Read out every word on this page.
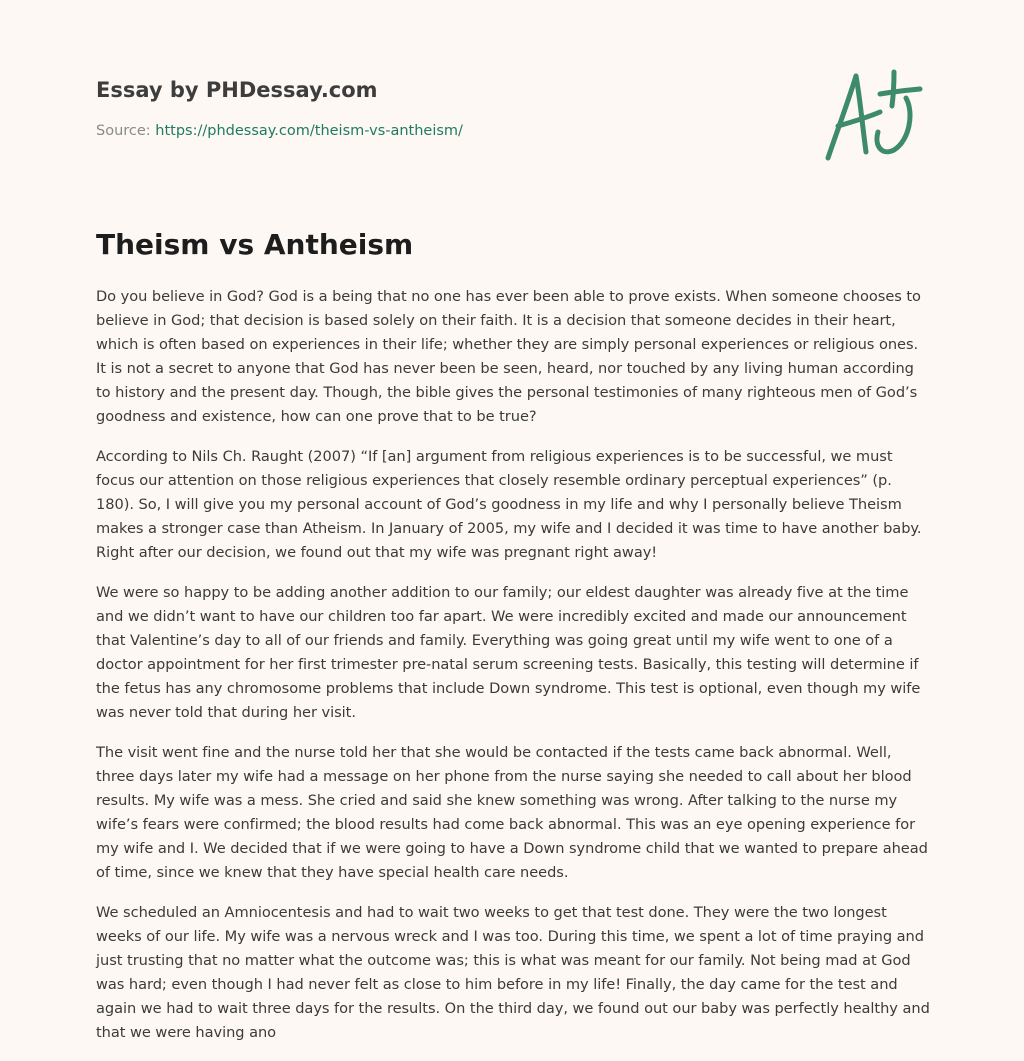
Essay by PHDessay.com
Source: https://phdessay.com/theism-vs-antheism/
Theism vs Antheism

Do you believe in God? God is a being that no one has ever been able to prove exists. When someone chooses to believe in God; that decision is based solely on their faith. It is a decision that someone decides in their heart, which is often based on experiences in their life; whether they are simply personal experiences or religious ones. It is not a secret to anyone that God has never been be seen, heard, nor touched by any living human according to history and the present day. Though, the bible gives the personal testimonies of many righteous men of God’s goodness and existence, how can one prove that to be true?

According to Nils Ch. Raught (2007) “If [an] argument from religious experiences is to be successful, we must focus our attention on those religious experiences that closely resemble ordinary perceptual experiences” (p. 180). So, I will give you my personal account of God’s goodness in my life and why I personally believe Theism makes a stronger case than Atheism. In January of 2005, my wife and I decided it was time to have another baby. Right after our decision, we found out that my wife was pregnant right away!

We were so happy to be adding another addition to our family; our eldest daughter was already five at the time and we didn’t want to have our children too far apart. We were incredibly excited and made our announcement that Valentine’s day to all of our friends and family. Everything was going great until my wife went to one of a doctor appointment for her first trimester pre-natal serum screening tests. Basically, this testing will determine if the fetus has any chromosome problems that include Down syndrome. This test is optional, even though my wife was never told that during her visit.

The visit went fine and the nurse told her that she would be contacted if the tests came back abnormal. Well, three days later my wife had a message on her phone from the nurse saying she needed to call about her blood results. My wife was a mess. She cried and said she knew something was wrong. After talking to the nurse my wife’s fears were confirmed; the blood results had come back abnormal. This was an eye opening experience for my wife and I. We decided that if we were going to have a Down syndrome child that we wanted to prepare ahead of time, since we knew that they have special health care needs.

We scheduled an Amniocentesis and had to wait two weeks to get that test done. They were the two longest weeks of our life. My wife was a nervous wreck and I was too. During this time, we spent a lot of time praying and just trusting that no matter what the outcome was; this is what was meant for our family. Not being mad at God was hard; even though I had never felt as close to him before in my life! Finally, the day came for the test and again we had to wait three days for the results. On the third day, we found out our baby was perfectly healthy and that we were having ano
